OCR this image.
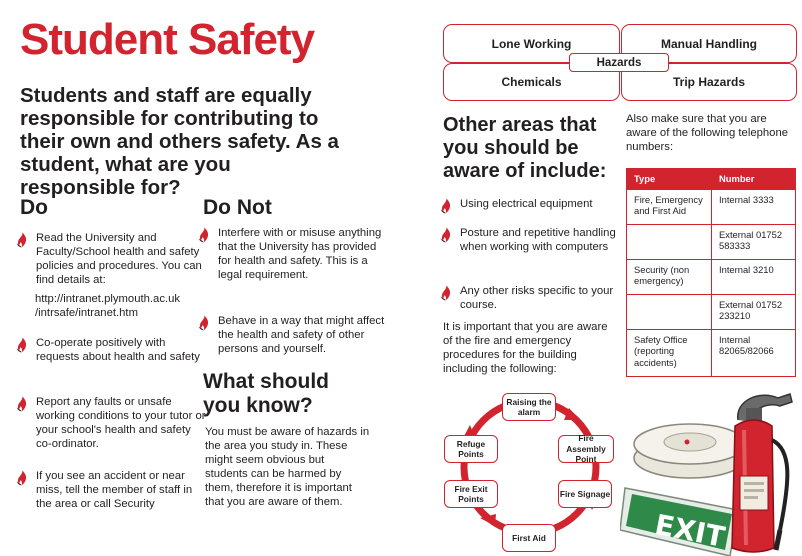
Student Safety
Students and staff are equally responsible for contributing to their own and others safety. As a student, what are you responsible for?
Do

Read the University and Faculty/School health and safety policies and procedures. You can find details at:

http://intranet.plymouth.ac.uk /intrsafe/intranet.htm

Co-operate positively with requests about health and safety

Report any faults or unsafe working conditions to your tutor or your school's health and safety co-ordinator.

If you see an accident or near miss, tell the member of staff in the area or call Security

Do Not

Interfere with or misuse anything that the University has provided for health and safety. This is a legal requirement.

Behave in a way that might affect the health and safety of other persons and yourself.

What should you know?
You must be aware of hazards in the area you study in. These might seem obvious but students can be harmed by them, therefore it is important that you are aware of them.
Lone Working	Manual Handling
Chemicals	Trip Hazards
Hazards
Other areas that you should be aware of include:

Using electrical equipment

Posture and repetitive handling when working with computers

Any other risks specific to your course.

It is important that you are aware of the fire and emergency procedures for the building including the following:
Also make sure that you are aware of the following telephone numbers:
Type	Number
Fire, Emergency and First Aid	Internal 3333
	External 01752 583333
Security (non emergency)	Internal 3210
	External 01752 233210
Safety Office (reporting accidents)	Internal 82065/82066
Raising the alarm
Fire Assembly Point
Fire Signage
First Aid
Fire Exit Points
Refuge Points
EXIT
